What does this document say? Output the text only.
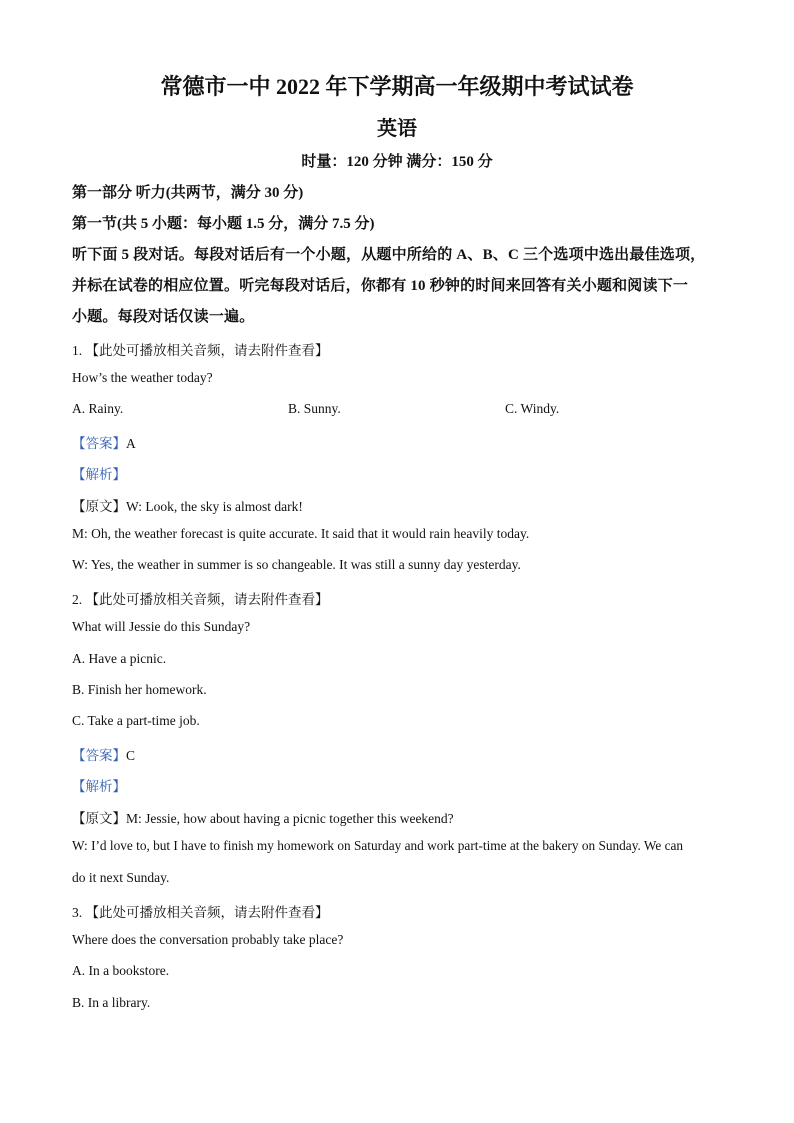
常德市一中 2022 年下学期高一年级期中考试试卷
英语
时量：120 分钟 满分：150 分
第一部分 听力(共两节，满分 30 分)
第一节(共 5 小题：每小题 1.5 分，满分 7.5 分)
听下面 5 段对话。每段对话后有一个小题，从题中所给的 A、B、C 三个选项中选出最佳选项，
并标在试卷的相应位置。听完每段对话后，你都有 10 秒钟的时间来回答有关小题和阅读下一
小题。每段对话仅读一遍。
1. 【此处可播放相关音频，请去附件查看】
How’s the weather today?
A. Rainy.	B. Sunny.	C. Windy.
【答案】A
【解析】
【原文】W: Look, the sky is almost dark!
M: Oh, the weather forecast is quite accurate. It said that it would rain heavily today.
W: Yes, the weather in summer is so changeable. It was still a sunny day yesterday.
2. 【此处可播放相关音频，请去附件查看】
What will Jessie do this Sunday?
A. Have a picnic.
B. Finish her homework.
C. Take a part-time job.
【答案】C
【解析】
【原文】M: Jessie, how about having a picnic together this weekend?
W: I’d love to, but I have to finish my homework on Saturday and work part-time at the bakery on Sunday. We can
do it next Sunday.
3. 【此处可播放相关音频，请去附件查看】
Where does the conversation probably take place?
A. In a bookstore.
B. In a library.
